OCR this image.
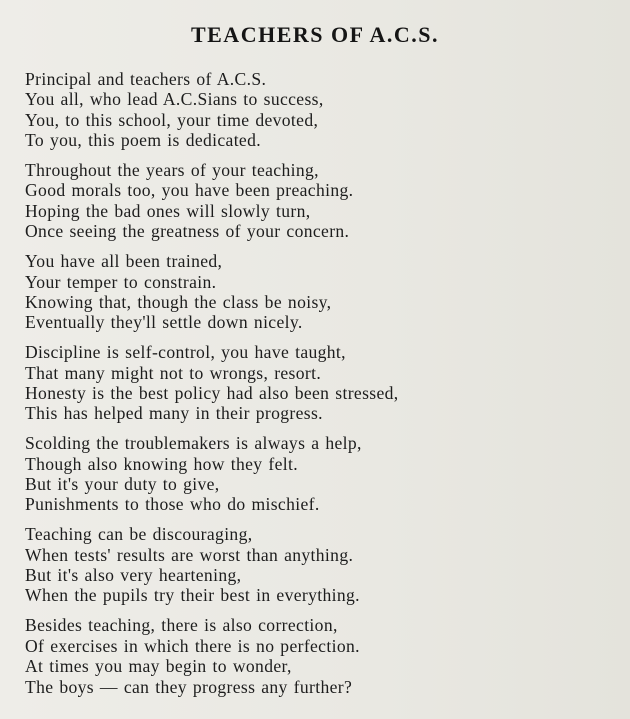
TEACHERS OF A.C.S.
Principal and teachers of A.C.S.
You all, who lead A.C.Sians to success,
You, to this school, your time devoted,
To you, this poem is dedicated.
Throughout the years of your teaching,
Good morals too, you have been preaching.
Hoping the bad ones will slowly turn,
Once seeing the greatness of your concern.
You have all been trained,
Your temper to constrain.
Knowing that, though the class be noisy,
Eventually they'll settle down nicely.
Discipline is self-control, you have taught,
That many might not to wrongs, resort.
Honesty is the best policy had also been stressed,
This has helped many in their progress.
Scolding the troublemakers is always a help,
Though also knowing how they felt.
But it's your duty to give,
Punishments to those who do mischief.
Teaching can be discouraging,
When tests' results are worst than anything.
But it's also very heartening,
When the pupils try their best in everything.
Besides teaching, there is also correction,
Of exercises in which there is no perfection.
At times you may begin to wonder,
The boys — can they progress any further?
